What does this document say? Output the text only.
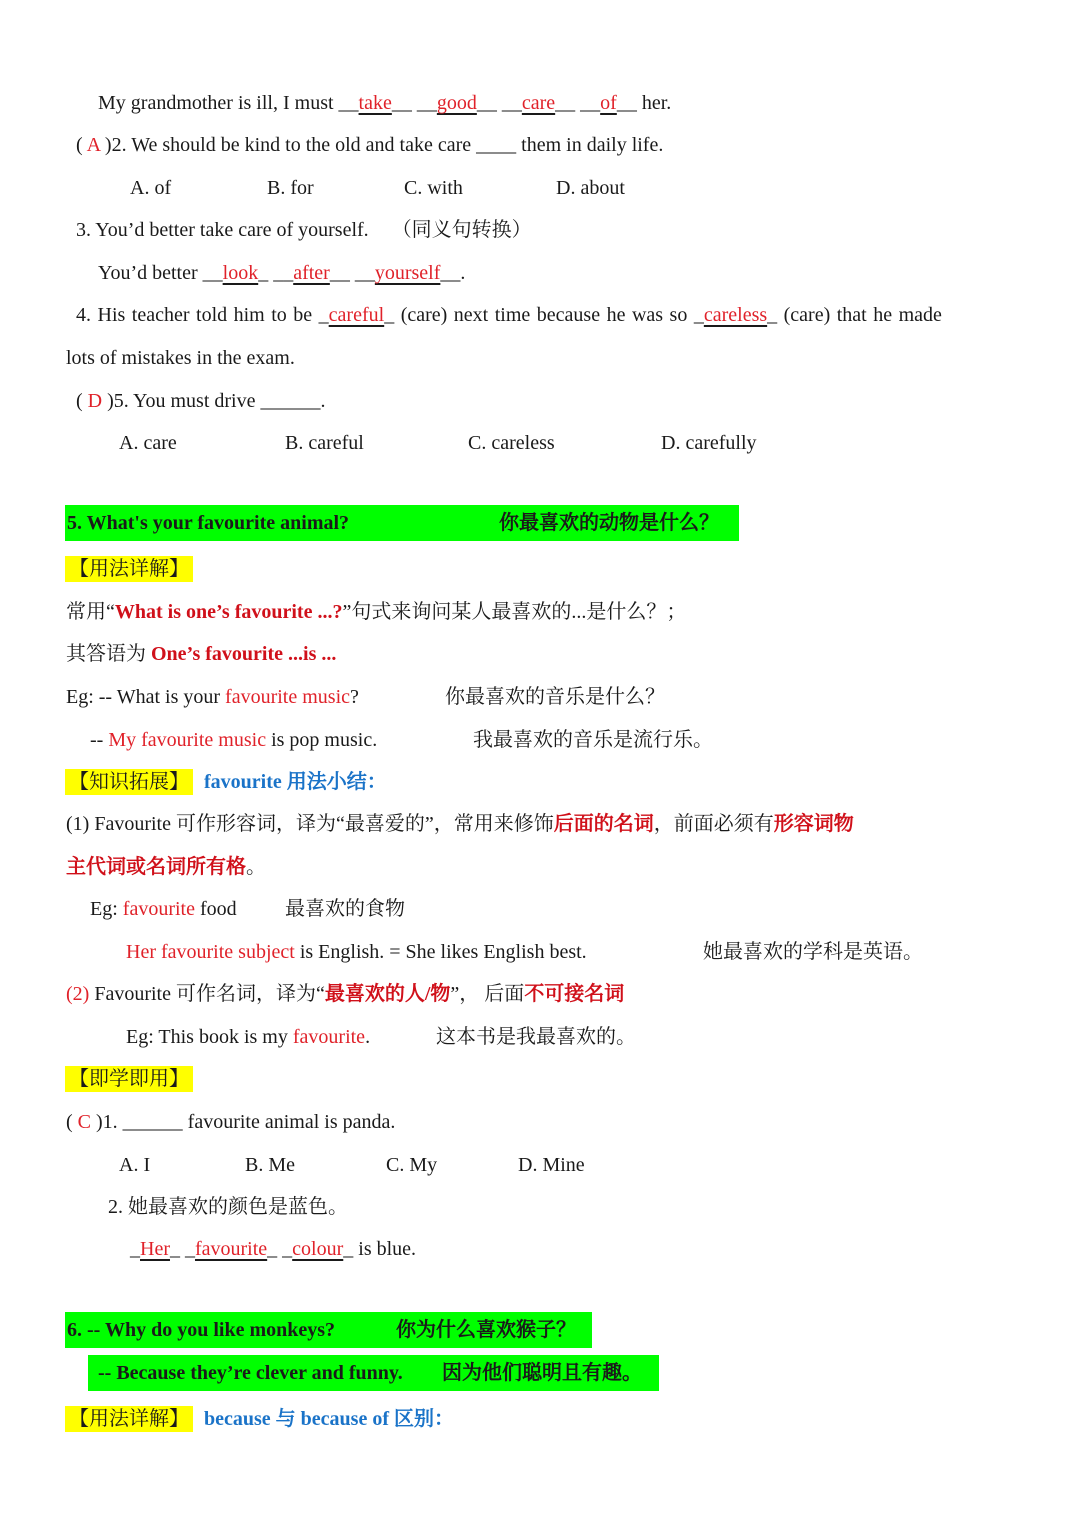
My grandmother is ill, I must __take__ __good__ __care__ __of__ her.
( A )2. We should be kind to the old and take care ____ them in daily life.
A. of	B. for	C. with	D. about
3. You’d better take care of yourself. （同义句转换）
You’d better __look_ __after__ __yourself__.
4. His teacher told him to be _careful_ (care) next time because he was so _careless_ (care) that he made
lots of mistakes in the exam.
( D )5. You must drive ______.
A. care	B. careful	C. careless	D. carefully
5. What's your favourite animal?	你最喜欢的动物是什么？
【用法详解】
常用“What is one’s favourite ...?”句式来询问某人最喜欢的...是什么？；
其答语为 One’s favourite ...is ...
Eg: -- What is your favourite music?	你最喜欢的音乐是什么？
-- My favourite music is pop music.	我最喜欢的音乐是流行乐。
【知识拓展】 favourite 用法小结：
(1) Favourite 可作形容词，译为“最喜爱的”，常用来修饰后面的名词，前面必须有形容词物
主代词或名词所有格。
Eg: favourite food 最喜欢的食物
Her favourite subject is English. = She likes English best.	她最喜欢的学科是英语。
(2) Favourite 可作名词，译为“最喜欢的人/物”， 后面不可接名词
Eg: This book is my favourite.	这本书是我最喜欢的。
【即学即用】
( C )1. ______ favourite animal is panda.
A. I	B. Me	C. My	D. Mine
2. 她最喜欢的颜色是蓝色。
_Her_ _favourite_ _colour_ is blue.
6. -- Why do you like monkeys?	你为什么喜欢猴子？
-- Because they’re clever and funny. 因为他们聪明且有趣。
【用法详解】 because 与 because of 区别：
